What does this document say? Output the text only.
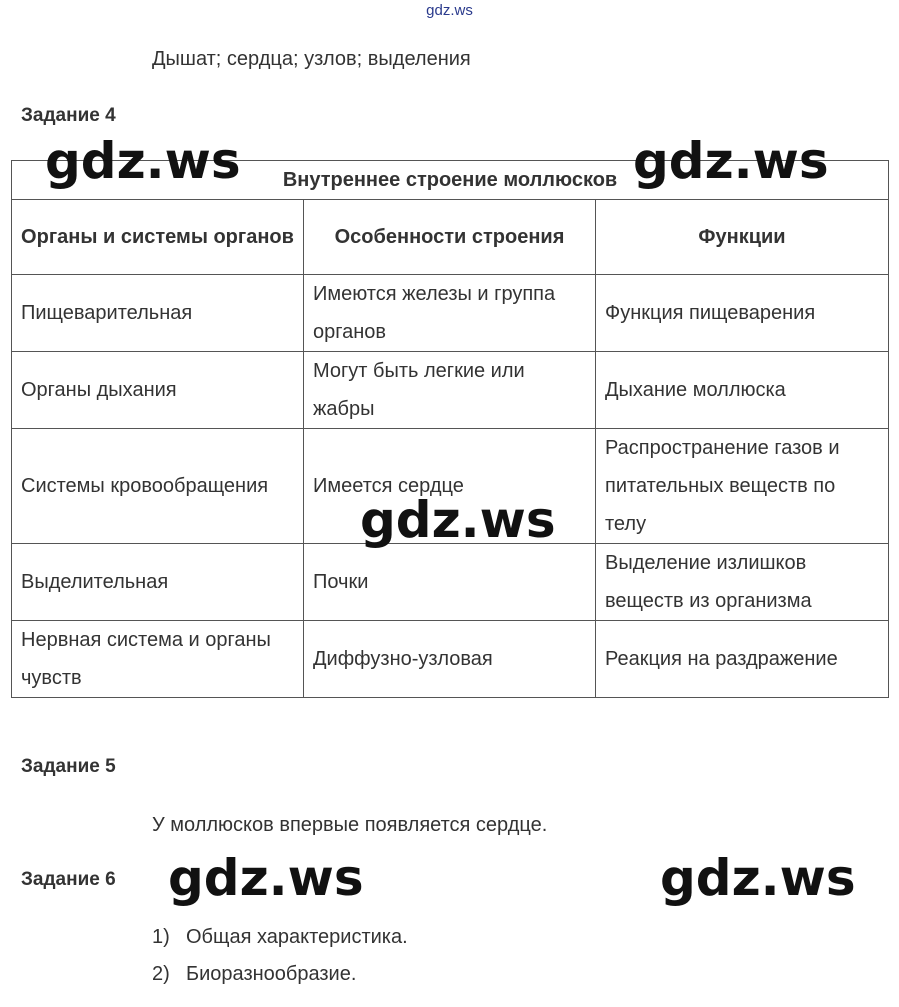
gdz.ws
Дышат; сердца; узлов; выделения
Задание 4
Внутреннее строение моллюсков		
Органы и системы органов	Особенности строения	Функции
Пищеварительная	Имеются железы и группа органов	Функция пищеварения
Органы дыхания	Могут быть легкие или жабры	Дыхание моллюска
Системы кровообращения	Имеется сердце	Распространение газов и питательных веществ по телу
Выделительная	Почки	Выделение излишков веществ из организма
Нервная система и органы чувств	Диффузно-узловая	Реакция на раздражение
Задание 5
У моллюсков впервые появляется сердце.
Задание 6
1) Общая характеристика.
2) Биоразнообразие.
gdz.ws	gdz.ws
gdz.ws
gdz.ws	gdz.ws
